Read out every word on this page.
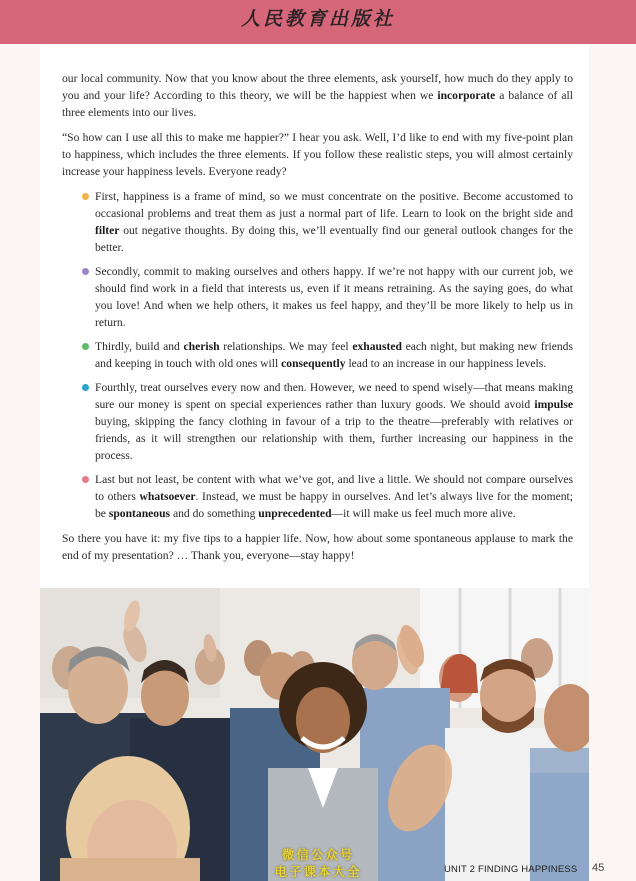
人民教育出版社

our local community. Now that you know about the three elements, ask yourself, how much do they apply to you and your life? According to this theory, we will be the happiest when we incorporate a balance of all three elements into our lives.

“So how can I use all this to make me happier?” I hear you ask. Well, I’d like to end with my five-point plan to happiness, which includes the three elements. If you follow these realistic steps, you will almost certainly increase your happiness levels. Everyone ready?

First, happiness is a frame of mind, so we must concentrate on the positive. Become accustomed to occasional problems and treat them as just a normal part of life. Learn to look on the bright side and filter out negative thoughts. By doing this, we’ll eventually find our general outlook changes for the better.
Secondly, commit to making ourselves and others happy. If we’re not happy with our current job, we should find work in a field that interests us, even if it means retraining. As the saying goes, do what you love! And when we help others, it makes us feel happy, and they’ll be more likely to help us in return.
Thirdly, build and cherish relationships. We may feel exhausted each night, but making new friends and keeping in touch with old ones will consequently lead to an increase in our happiness levels.
Fourthly, treat ourselves every now and then. However, we need to spend wisely—that means making sure our money is spent on special experiences rather than luxury goods. We should avoid impulse buying, skipping the fancy clothing in favour of a trip to the theatre—preferably with relatives or friends, as it will strengthen our relationship with them, further increasing our happiness in the process.
Last but not least, be content with what we’ve got, and live a little. We should not compare ourselves to others whatsoever. Instead, we must be happy in ourselves. And let’s always live for the moment; be spontaneous and do something unprecedented—it will make us feel much more alive.

So there you have it: my five tips to a happier life. Now, how about some spontaneous applause to mark the end of my presentation? … Thank you, everyone—stay happy!

微信公众号
电子课本大全	UNIT 2 FINDING HAPPINESS 45
